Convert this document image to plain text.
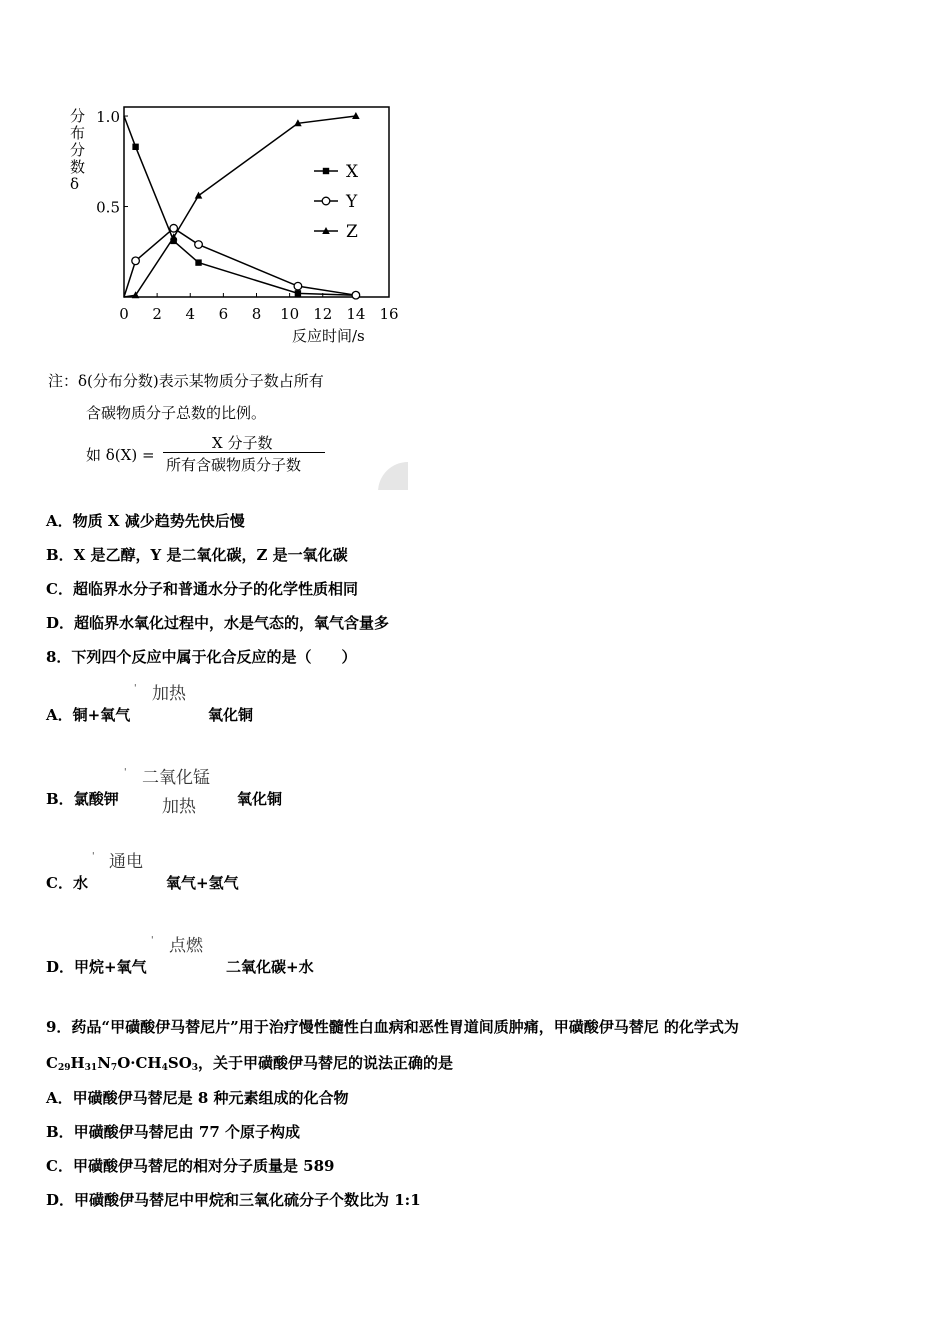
分
布
分
数
δ
0 2 4 6 8 10 12 14 16
1.0
0.5
X
Y
Z
反应时间/s
注：δ(分布分数)表示某物质分子数占所有
含碳物质分子总数的比例。
如 δ(X) =
X 分子数
所有含碳物质分子数
A．物质 X 减少趋势先快后慢
B．X 是乙醇，Y 是二氧化碳，Z 是一氧化碳
C．超临界水分子和普通水分子的化学性质相同
D．超临界水氧化过程中，水是气态的，氧气含量多
8．下列四个反应中属于化合反应的是（　　）
' 加热
A．铜+氧气	氧化铜
' 二氧化锰
B．氯酸钾	加热	氧化铜
' 通电
C．水	氧气+氢气
' 点燃
D．甲烷+氧气	二氧化碳+水
9．药品“甲磺酸伊马替尼片”用于治疗慢性髓性白血病和恶性胃道间质肿痛，甲磺酸伊马替尼 的化学式为
$C_{29}H_{31}N_7O\cdot CH_4SO_3$，关于甲磺酸伊马替尼的说法正确的是
A．甲磺酸伊马替尼是 8 种元素组成的化合物
B．甲磺酸伊马替尼由 77 个原子构成
C．甲磺酸伊马替尼的相对分子质量是 589
D．甲磺酸伊马替尼中甲烷和三氧化硫分子个数比为 1:1
